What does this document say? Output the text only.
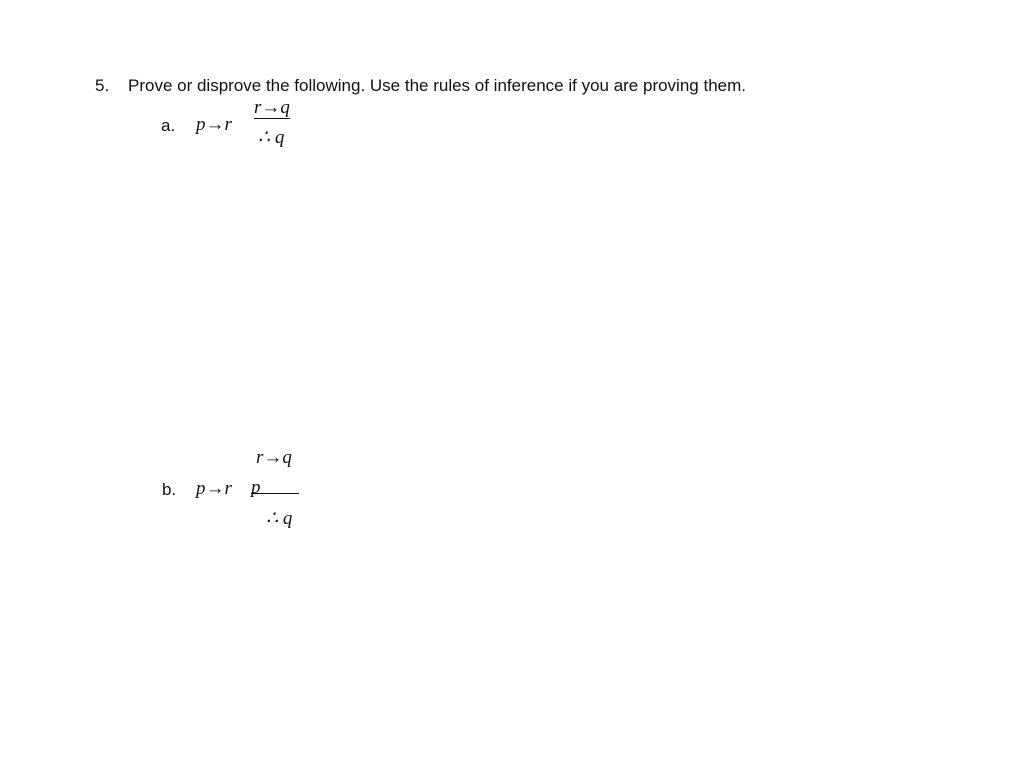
5. Prove or disprove the following. Use the rules of inference if you are proving them.
a. p→r
r→q
∴ q
b. p→r
r→q
p
∴ q
